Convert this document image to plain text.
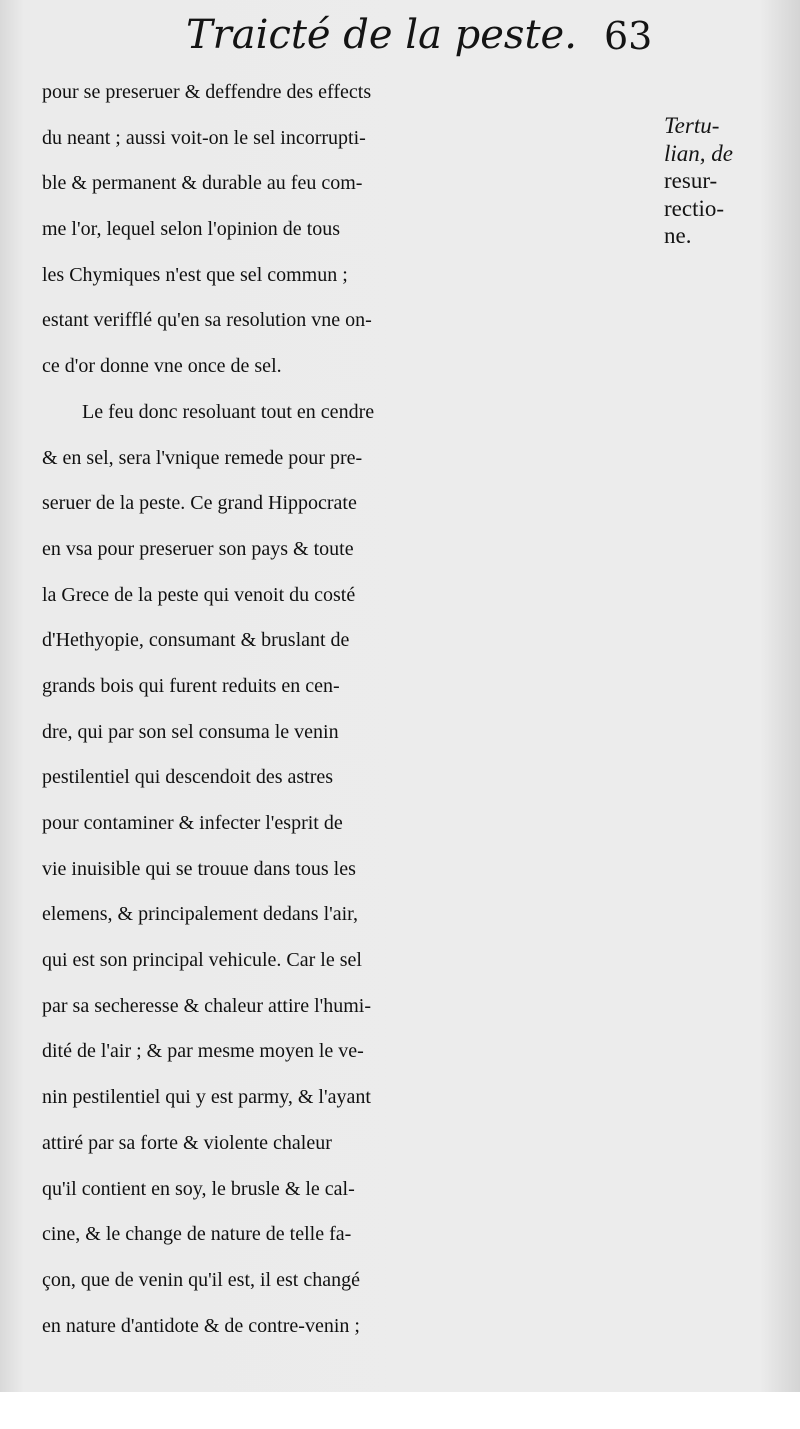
Traicté de la peste. 63
pour se preseruer & deffendre des effects
du neant ; aussi voit-on le sel incorrupti-
ble & permanent & durable au feu com-
me l'or, lequel selon l'opinion de tous
les Chymiques n'est que sel commun ;
estant verifflé qu'en sa resolution vne on-
ce d'or donne vne once de sel.
Le feu donc resoluant tout en cendre
& en sel, sera l'vnique remede pour pre-
seruer de la peste. Ce grand Hippocrate
en vsa pour preseruer son pays & toute
la Grece de la peste qui venoit du costé
d'Hethyopie, consumant & bruslant de
grands bois qui furent reduits en cen-
dre, qui par son sel consuma le venin
pestilentiel qui descendoit des astres
pour contaminer & infecter l'esprit de
vie inuisible qui se trouue dans tous les
elemens, & principalement dedans l'air,
qui est son principal vehicule. Car le sel
par sa secheresse & chaleur attire l'humi-
dité de l'air ; & par mesme moyen le ve-
nin pestilentiel qui y est parmy, & l'ayant
attiré par sa forte & violente chaleur
qu'il contient en soy, le brusle & le cal-
cine, & le change de nature de telle fa-
çon, que de venin qu'il est, il est changé
en nature d'antidote & de contre-venin ;
Tertu-
lian, de
resur-
rectio-
ne.
